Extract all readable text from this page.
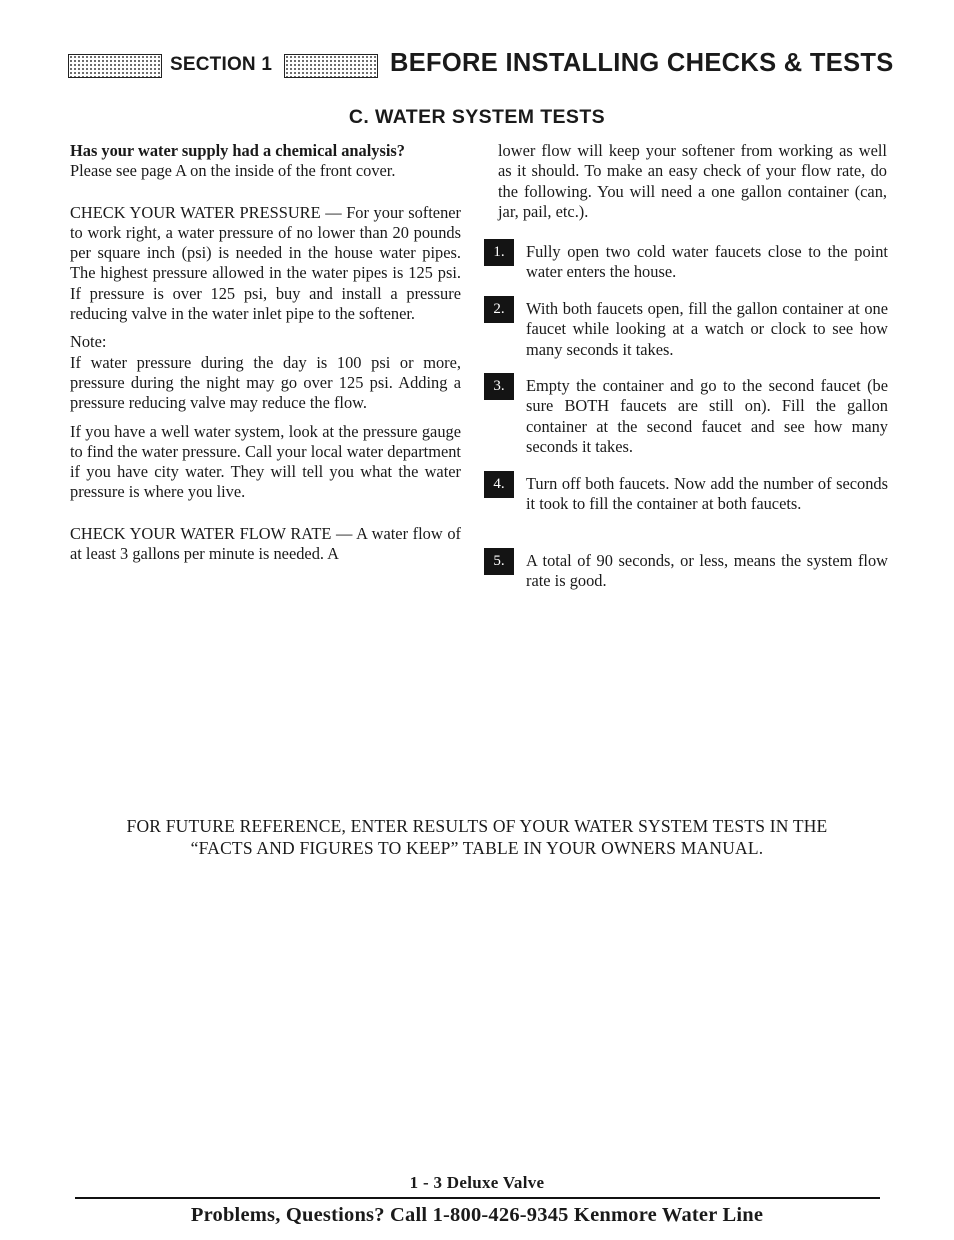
SECTION 1	BEFORE INSTALLING CHECKS & TESTS
C. WATER SYSTEM TESTS

Has your water supply had a chemical analysis?

Please see page A on the inside of the front cover.

CHECK YOUR WATER PRESSURE — For your softener to work right, a water pressure of no lower than 20 pounds per square inch (psi) is needed in the house water pipes. The highest pressure allowed in the water pipes is 125 psi. If pressure is over 125 psi, buy and install a pressure reducing valve in the water inlet pipe to the softener.

Note:

If water pressure during the day is 100 psi or more, pressure during the night may go over 125 psi. Adding a pressure reducing valve may reduce the flow.

If you have a well water system, look at the pressure gauge to find the water pressure. Call your local water department if you have city water. They will tell you what the water pressure is where you live.

CHECK YOUR WATER FLOW RATE — A water flow of at least 3 gallons per minute is needed. A

lower flow will keep your softener from working as well as it should. To make an easy check of your flow rate, do the following. You will need a one gallon container (can, jar, pail, etc.).

1.	Fully open two cold water faucets close to the point water enters the house.
2.	With both faucets open, fill the gallon container at one faucet while looking at a watch or clock to see how many seconds it takes.
3.	Empty the container and go to the second faucet (be sure BOTH faucets are still on). Fill the gallon container at the second faucet and see how many seconds it takes.
4.	Turn off both faucets. Now add the number of seconds it took to fill the container at both faucets.
5.	A total of 90 seconds, or less, means the system flow rate is good.
FOR FUTURE REFERENCE, ENTER RESULTS OF YOUR WATER SYSTEM TESTS IN THE
“FACTS AND FIGURES TO KEEP” TABLE IN YOUR OWNERS MANUAL.
1 - 3 Deluxe Valve
Problems, Questions? Call 1-800-426-9345 Kenmore Water Line
